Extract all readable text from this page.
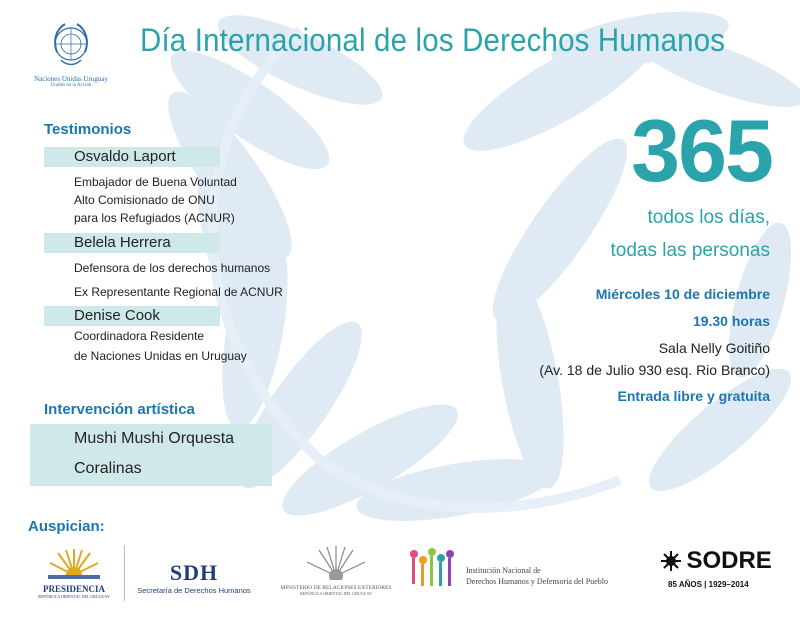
Naciones Unidas Uruguay
Unidos en la Acción
Día Internacional de los Derechos Humanos
Testimonios
Osvaldo Laport
Embajador de Buena Voluntad
Alto Comisionado de ONU
para los Refugiados (ACNUR)
Belela Herrera
Defensora de los derechos humanos
Ex Representante Regional de ACNUR
Denise Cook
Coordinadora Residente
de Naciones Unidas en Uruguay
Intervención artística
Mushi Mushi Orquesta
Coralinas
365
todos los días,
todas las personas
Miércoles 10 de diciembre
19.30 horas
Sala Nelly Goitiño
(Av. 18 de Julio 930 esq. Rio Branco)
Entrada libre y gratuita
Auspician:
PRESIDENCIA
REPÚBLICA ORIENTAL DEL URUGUAY
SDH
Secretaría de Derechos Humanos	MINISTERIO DE RELACIONES EXTERIORES
REPÚBLICA ORIENTAL DEL URUGUAY
Institución Nacional de
Derechos Humanos y Defensoría del Pueblo
SODRE
85 AÑOS | 1929–2014
